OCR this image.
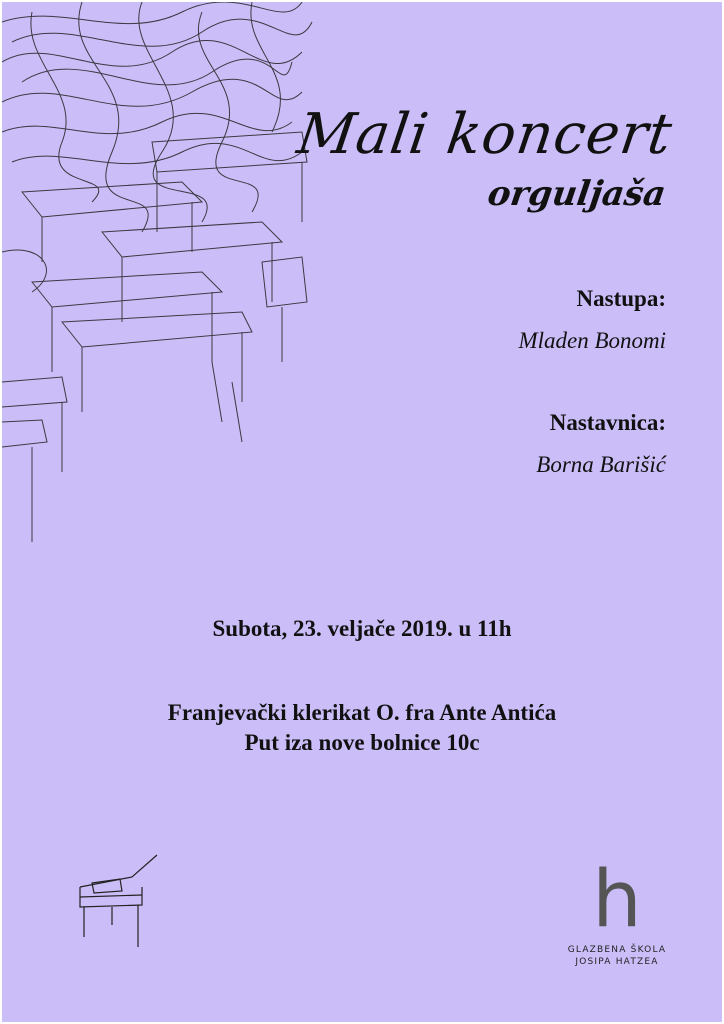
Mali koncert
orguljaša
Nastupa:
Mladen Bonomi
Nastavnica:
Borna Barišić
Subota, 23. veljače 2019. u 11h
Franjevački klerikat O. fra Ante Antića
Put iza nove bolnice 10c
h
GLAZBENA ŠKOLA
JOSIPA HATZEA
